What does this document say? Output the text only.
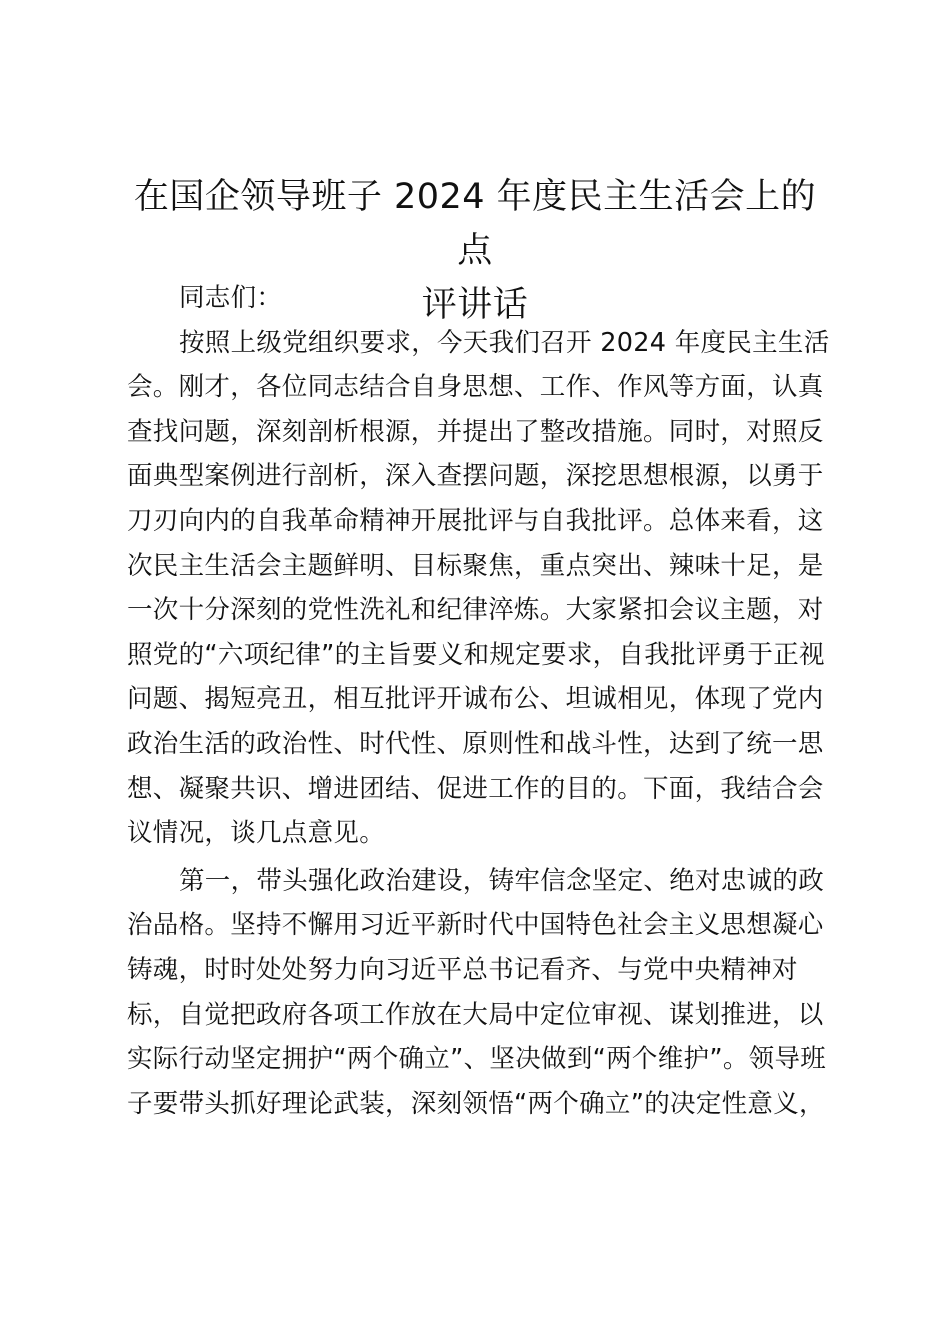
在国企领导班子 2024 年度民主生活会上的点
评讲话
同志们：
按照上级党组织要求，今天我们召开 2024 年度民主生活
会。刚才，各位同志结合自身思想、工作、作风等方面，认真
查找问题，深刻剖析根源，并提出了整改措施。同时，对照反
面典型案例进行剖析，深入查摆问题，深挖思想根源，以勇于
刀刃向内的自我革命精神开展批评与自我批评。总体来看，这
次民主生活会主题鲜明、目标聚焦，重点突出、辣味十足，是
一次十分深刻的党性洗礼和纪律淬炼。大家紧扣会议主题，对
照党的“六项纪律”的主旨要义和规定要求，自我批评勇于正视
问题、揭短亮丑，相互批评开诚布公、坦诚相见，体现了党内
政治生活的政治性、时代性、原则性和战斗性，达到了统一思
想、凝聚共识、增进团结、促进工作的目的。下面，我结合会
议情况，谈几点意见。
第一，带头强化政治建设，铸牢信念坚定、绝对忠诚的政
治品格。坚持不懈用习近平新时代中国特色社会主义思想凝心
铸魂，时时处处努力向习近平总书记看齐、与党中央精神对
标，自觉把政府各项工作放在大局中定位审视、谋划推进，以
实际行动坚定拥护“两个确立”、坚决做到“两个维护”。领导班
子要带头抓好理论武装，深刻领悟“两个确立”的决定性意义，
